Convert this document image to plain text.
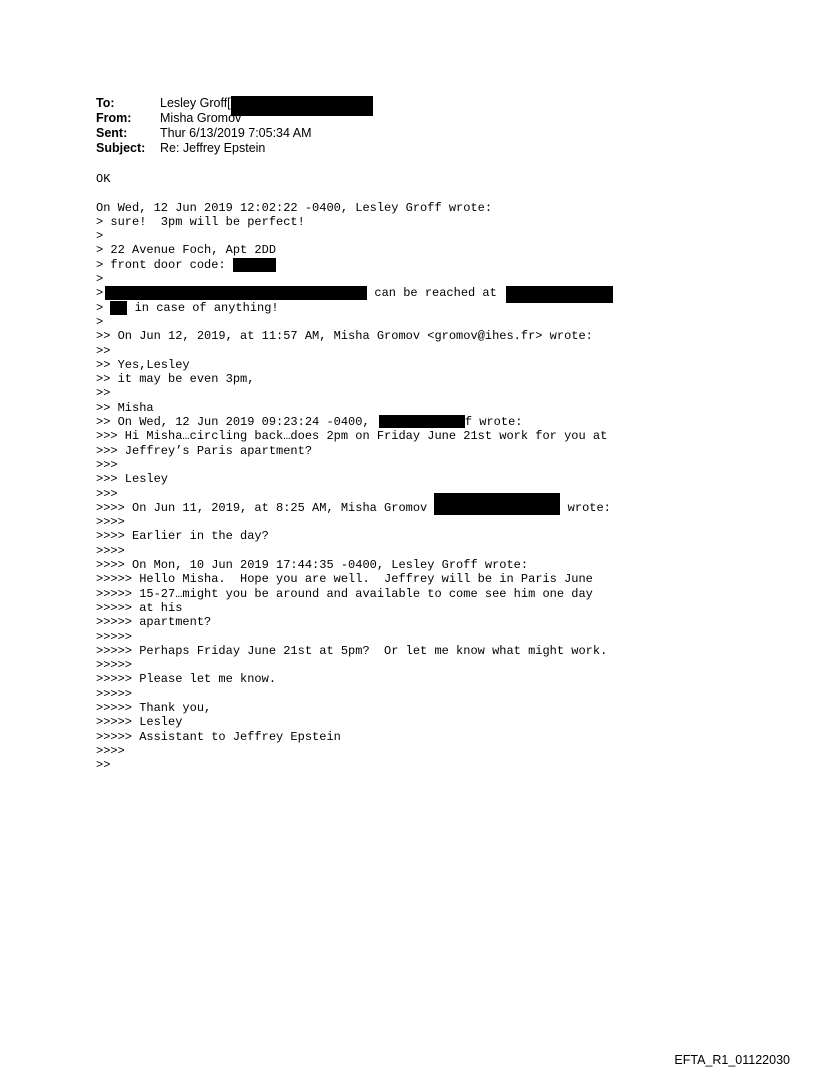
To:	Lesley Groff[
From: Misha Gromov
Sent:	Thur 6/13/2019 7:05:34 AM
Subject: Re: Jeffrey Epstein
OK
On Wed, 12 Jun 2019 12:02:22 -0400, Lesley Groff wrote:
> sure!  3pm will be perfect!
>
> 22 Avenue Foch, Apt 2DD
> front door code:
>
>	can be reached at
>  in case of anything!
>
>> On Jun 12, 2019, at 11:57 AM, Misha Gromov <gromov@ihes.fr> wrote:
>>
>> Yes,Lesley
>> it may be even 3pm,
>>
>> Misha
>> On Wed, 12 Jun 2019 09:23:24 -0400,	f wrote:
>>> Hi Misha…circling back…does 2pm on Friday June 21st work for you at
>>> Jeffrey’s Paris apartment?
>>>
>>> Lesley
>>>
>>>> On Jun 11, 2019, at 8:25 AM, Misha Gromov	wrote:
>>>>
>>>> Earlier in the day?
>>>>
>>>> On Mon, 10 Jun 2019 17:44:35 -0400, Lesley Groff wrote:
>>>>> Hello Misha.  Hope you are well.  Jeffrey will be in Paris June
>>>>> 15-27…might you be around and available to come see him one day
>>>>> at his
>>>>> apartment?
>>>>>
>>>>> Perhaps Friday June 21st at 5pm?  Or let me know what might work.
>>>>>
>>>>> Please let me know.
>>>>>
>>>>> Thank you,
>>>>> Lesley
>>>>> Assistant to Jeffrey Epstein
>>>>
>>
EFTA_R1_01122030
